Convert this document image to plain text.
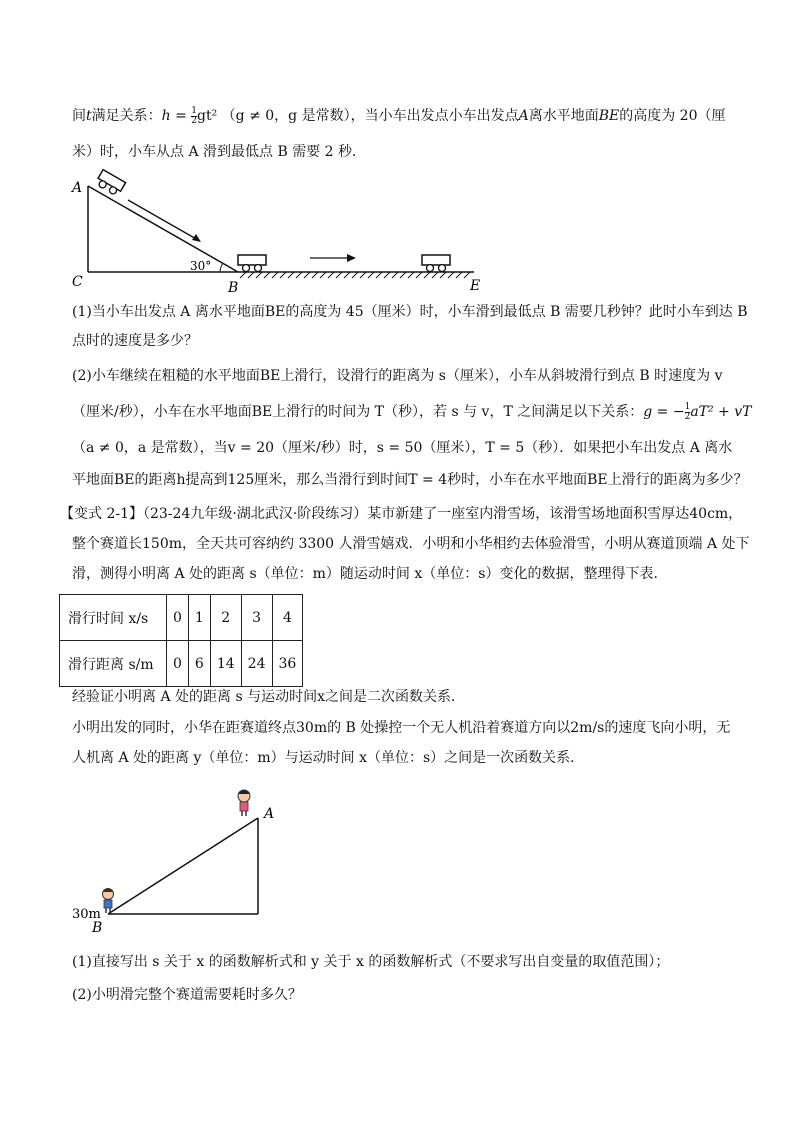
间t满足关系：$h = \frac{1}{2} gt^2$ （g ≠ 0，g 是常数），当小车出发点小车出发点A离水平地面BE的高度为 20（厘
米）时，小车从点 A 滑到最低点 B 需要 2 秒．
A
C	B	E
30°
(1)当小车出发点 A 离水平地面BE的高度为 45（厘米）时，小车滑到最低点 B 需要几秒钟？此时小车到达 B
点时的速度是多少？
(2)小车继续在粗糙的水平地面BE上滑行，设滑行的距离为 s（厘米），小车从斜坡滑行到点 B 时速度为 v
（厘米/秒），小车在水平地面BE上滑行的时间为 T（秒），若 s 与 v，T 之间满足以下关系：g = − $\frac{1}{2} aT^2$ + vT
（a ≠ 0，a 是常数），当v = 20（厘米/秒）时，s = 50（厘米），T = 5（秒）．如果把小车出发点 A 离水
平地面BE的距离h提高到125厘米，那么当滑行到时间T = 4秒时，小车在水平地面BE上滑行的距离为多少？
【变式 2-1】（23-24九年级·湖北武汉·阶段练习）某市新建了一座室内滑雪场，该滑雪场地面积雪厚达40cm，
整个赛道长150m，全天共可容纳约 3300 人滑雪嬉戏．小明和小华相约去体验滑雪，小明从赛道顶端 A 处下
滑，测得小明离 A 处的距离 s（单位：m）随运动时间 x（单位：s）变化的数据，整理得下表．
滑行时间 x/s	0	1	2	3	4
滑行距离 s/m	0	6	14	24	36
经验证小明离 A 处的距离 s 与运动时间x之间是二次函数关系．
小明出发的同时，小华在距赛道终点30m的 B 处操控一个无人机沿着赛道方向以2m/s的速度飞向小明，无
人机离 A 处的距离 y（单位：m）与运动时间 x（单位：s）之间是一次函数关系．
A
B
30m
(1)直接写出 s 关于 x 的函数解析式和 y 关于 x 的函数解析式（不要求写出自变量的取值范围）；
(2)小明滑完整个赛道需要耗时多久？
